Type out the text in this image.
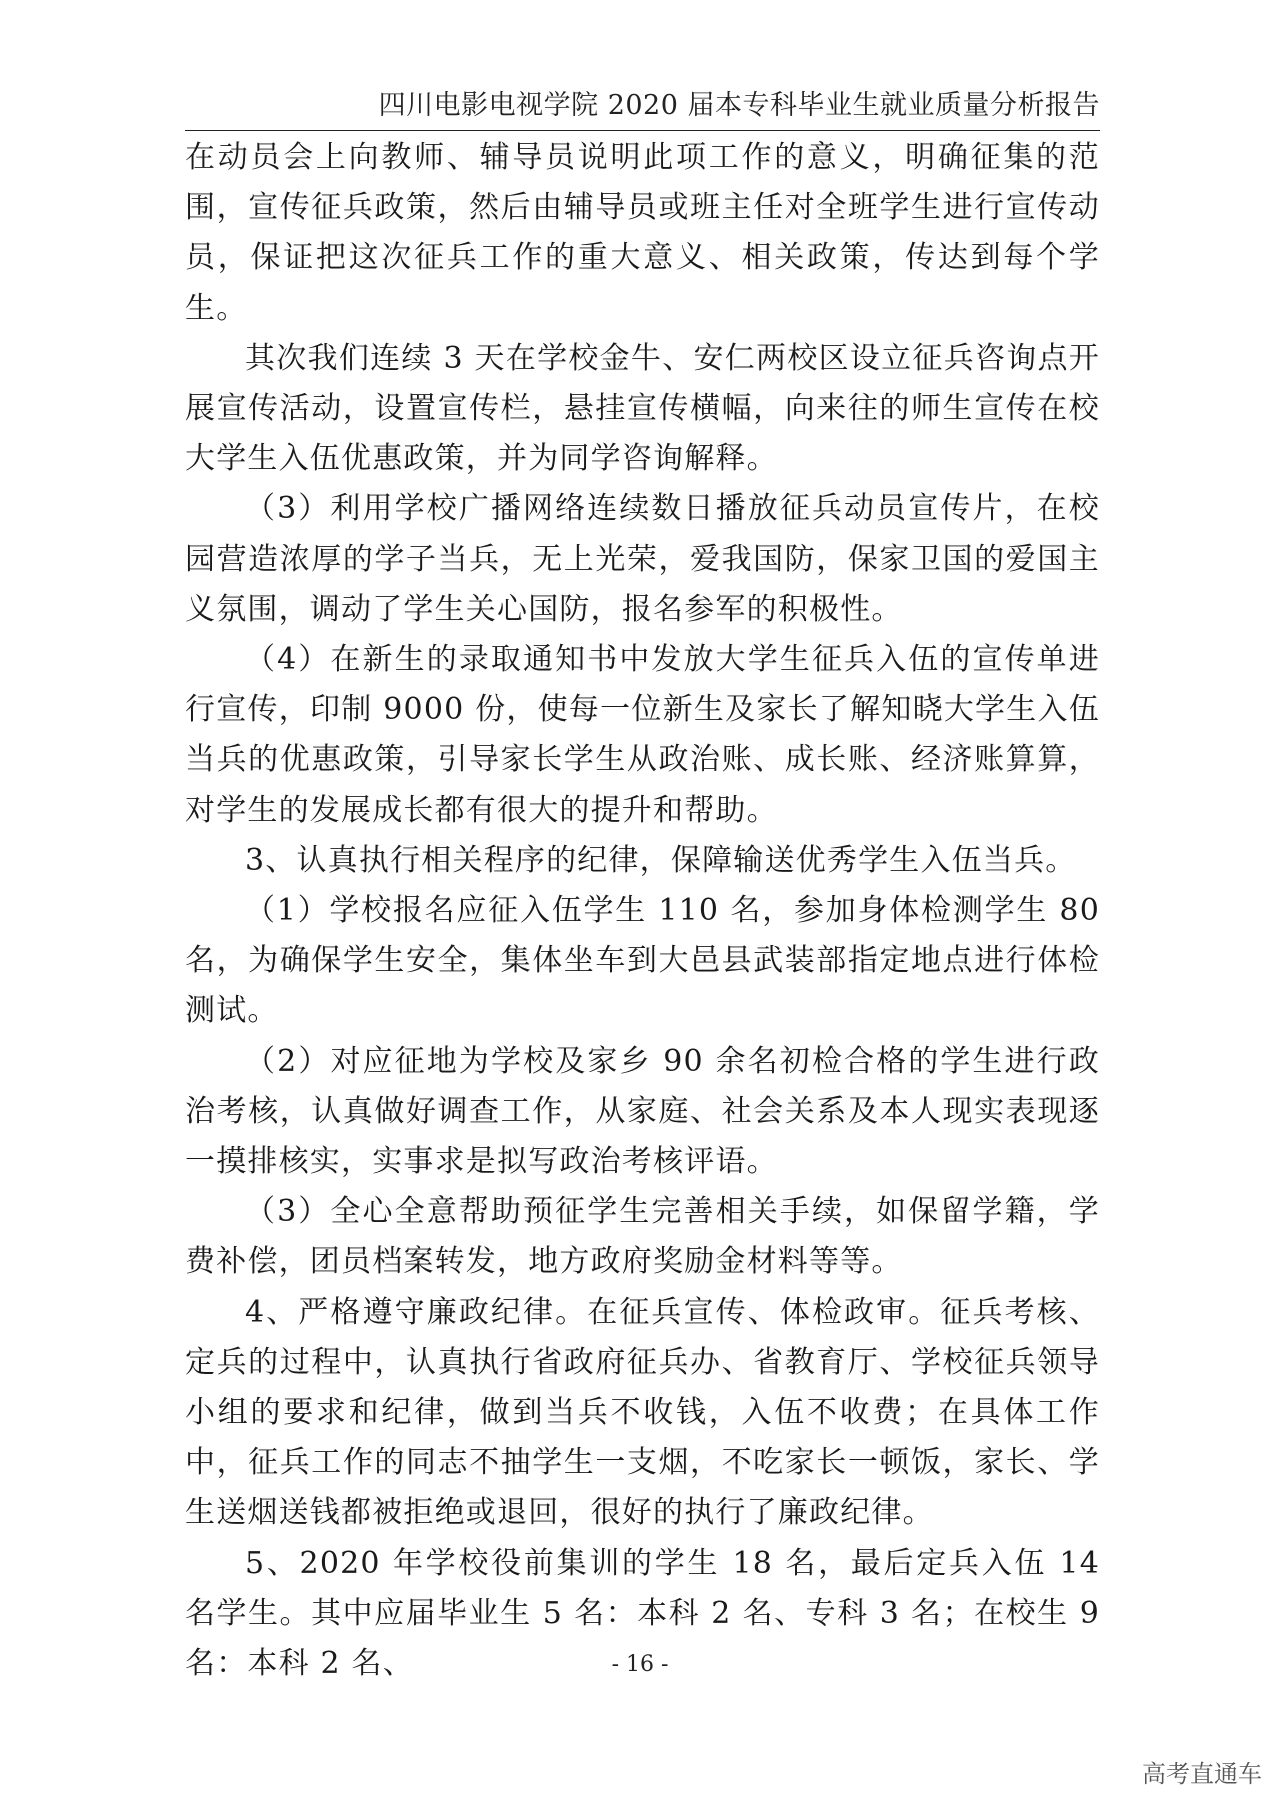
四川电影电视学院 2020 届本专科毕业生就业质量分析报告

在动员会上向教师、辅导员说明此项工作的意义，明确征集的范围，宣传征兵政策，然后由辅导员或班主任对全班学生进行宣传动员，保证把这次征兵工作的重大意义、相关政策，传达到每个学生。

其次我们连续 3 天在学校金牛、安仁两校区设立征兵咨询点开展宣传活动，设置宣传栏，悬挂宣传横幅，向来往的师生宣传在校大学生入伍优惠政策，并为同学咨询解释。

（3）利用学校广播网络连续数日播放征兵动员宣传片，在校园营造浓厚的学子当兵，无上光荣，爱我国防，保家卫国的爱国主义氛围，调动了学生关心国防，报名参军的积极性。

（4）在新生的录取通知书中发放大学生征兵入伍的宣传单进行宣传，印制 9000 份，使每一位新生及家长了解知晓大学生入伍当兵的优惠政策，引导家长学生从政治账、成长账、经济账算算，对学生的发展成长都有很大的提升和帮助。

3、认真执行相关程序的纪律，保障输送优秀学生入伍当兵。

（1）学校报名应征入伍学生 110 名，参加身体检测学生 80 名，为确保学生安全，集体坐车到大邑县武装部指定地点进行体检测试。

（2）对应征地为学校及家乡 90 余名初检合格的学生进行政治考核，认真做好调查工作，从家庭、社会关系及本人现实表现逐一摸排核实，实事求是拟写政治考核评语。

（3）全心全意帮助预征学生完善相关手续，如保留学籍，学费补偿，团员档案转发，地方政府奖励金材料等等。

4、严格遵守廉政纪律。在征兵宣传、体检政审。征兵考核、定兵的过程中，认真执行省政府征兵办、省教育厅、学校征兵领导小组的要求和纪律，做到当兵不收钱，入伍不收费；在具体工作中，征兵工作的同志不抽学生一支烟，不吃家长一顿饭，家长、学生送烟送钱都被拒绝或退回，很好的执行了廉政纪律。

5、2020 年学校役前集训的学生 18 名，最后定兵入伍 14 名学生。其中应届毕业生 5 名：本科 2 名、专科 3 名；在校生 9 名：本科 2 名、	- 16 -
高考直通车
